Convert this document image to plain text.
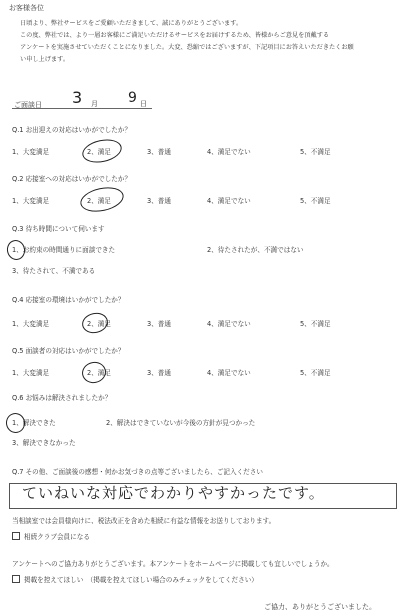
お客様各位
日頃より、弊社サービスをご愛顧いただきまして、誠にありがとうございます。
この度、弊社では、より一層お客様にご満足いただけるサービスをお届けするため、皆様からご意見を頂戴する
アンケートを実施させていただくことになりました。大変、恐縮ではございますが、下記項目にお答えいただきたくお願
い申し上げます。
ご面談日 3 月 9 日
Q.1 お出迎えの対応はいかがでしたか？
1、大変満足	2、満足	3、普通	4、満足でない	5、不満足
Q.2 応接室への対応はいかがでしたか？
1、大変満足	2、満足	3、普通	4、満足でない	5、不満足
Q.3 待ち時間について伺います
1、お約束の時間通りに面談できた	2、待たされたが、不満ではない
3、待たされて、不満である
Q.4 応接室の環境はいかがでしたか？
1、大変満足	2、満足	3、普通	4、満足でない	5、不満足
Q.5 面談者の対応はいかがでしたか？
1、大変満足	2、満足	3、普通	4、満足でない	5、不満足
Q.6 お悩みは解決されましたか？
1、解決できた	2、解決はできていないが今後の方針が見つかった
3、解決できなかった
Q.7 その他、ご面談後の感想・何かお気づきの点等ございましたら、ご記入ください
ていねいな対応でわかりやすかったです。
当相談室では会員様向けに、税法改正を含めた相続に有益な情報をお送りしております。
相続クラブ会員になる
アンケートへのご協力ありがとうございます。本アンケートをホームページに掲載しても宜しいでしょうか。
掲載を控えてほしい　（掲載を控えてほしい場合のみチェックをしてください）
ご協力、ありがとうございました。
